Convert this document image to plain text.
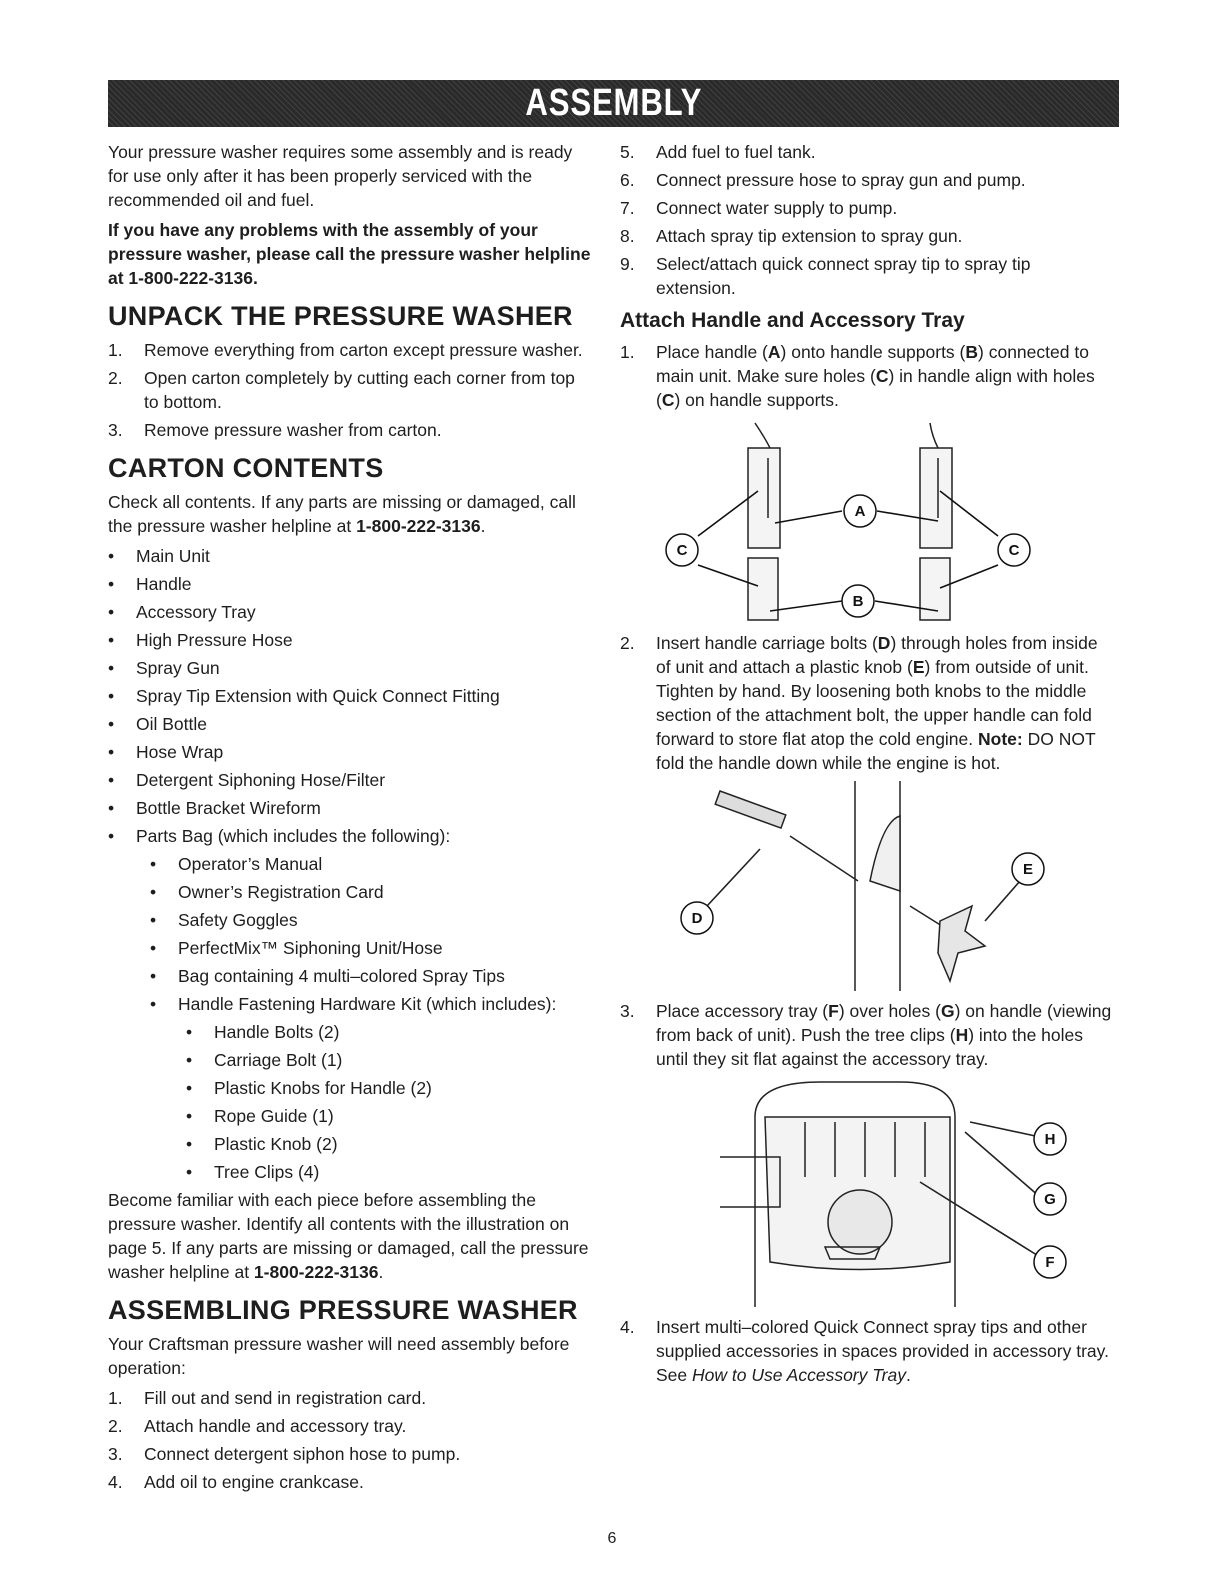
ASSEMBLY

Your pressure washer requires some assembly and is ready for use only after it has been properly serviced with the recommended oil and fuel.

If you have any problems with the assembly of your pressure washer, please call the pressure washer helpline at 1-800-222-3136.

UNPACK THE PRESSURE WASHER
1.	Remove everything from carton except pressure washer.
2.	Open carton completely by cutting each corner from top to bottom.
3.	Remove pressure washer from carton.
CARTON CONTENTS

Check all contents. If any parts are missing or damaged, call the pressure washer helpline at 1-800-222-3136.

•	Main Unit
•	Handle
•	Accessory Tray
•	High Pressure Hose
•	Spray Gun
•	Spray Tip Extension with Quick Connect Fitting
•	Oil Bottle
•	Hose Wrap
•	Detergent Siphoning Hose/Filter
•	Bottle Bracket Wireform
•	Parts Bag (which includes the following):
•	Operator’s Manual
•	Owner’s Registration Card
•	Safety Goggles
•	PerfectMix™ Siphoning Unit/Hose
•	Bag containing 4 multi–colored Spray Tips
•	Handle Fastening Hardware Kit (which includes):
•	Handle Bolts (2)
•	Carriage Bolt (1)
•	Plastic Knobs for Handle (2)
•	Rope Guide (1)
•	Plastic Knob (2)
•	Tree Clips (4)

Become familiar with each piece before assembling the pressure washer. Identify all contents with the illustration on page 5. If any parts are missing or damaged, call the pressure washer helpline at 1-800-222-3136.

ASSEMBLING PRESSURE WASHER

Your Craftsman pressure washer will need assembly before operation:

1.	Fill out and send in registration card.
2.	Attach handle and accessory tray.
3.	Connect detergent siphon hose to pump.
4.	Add oil to engine crankcase.
5.	Add fuel to fuel tank.
6.	Connect pressure hose to spray gun and pump.
7.	Connect water supply to pump.
8.	Attach spray tip extension to spray gun.
9.	Select/attach quick connect spray tip to spray tip extension.
Attach Handle and Accessory Tray
1.	Place handle (A) onto handle supports (B) connected to main unit. Make sure holes (C) in handle align with holes (C) on handle supports.
A
C	C
B
2.	Insert handle carriage bolts (D) through holes from inside of unit and attach a plastic knob (E) from outside of unit. Tighten by hand. By loosening both knobs to the middle section of the attachment bolt, the upper handle can fold forward to store flat atop the cold engine. Note: DO NOT fold the handle down while the engine is hot.
D
E
3.	Place accessory tray (F) over holes (G) on handle (viewing from back of unit). Push the tree clips (H) into the holes until they sit flat against the accessory tray.
H
G
F
4.	Insert multi–colored Quick Connect spray tips and other supplied accessories in spaces provided in accessory tray. See How to Use Accessory Tray.
6
